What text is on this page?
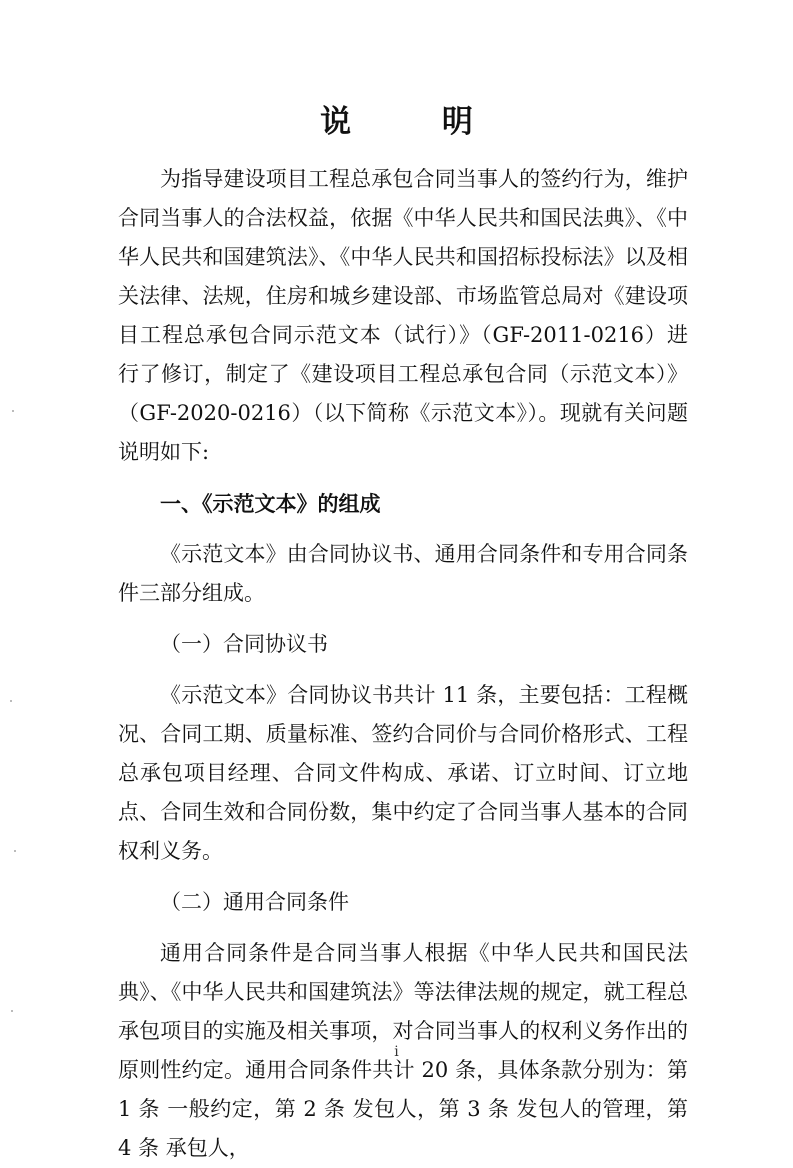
说 明

为指导建设项目工程总承包合同当事人的签约行为，维护合同当事人的合法权益，依据《中华人民共和国民法典》、《中华人民共和国建筑法》、《中华人民共和国招标投标法》以及相关法律、法规，住房和城乡建设部、市场监管总局对《建设项目工程总承包合同示范文本（试行）》（GF-2011-0216）进行了修订，制定了《建设项目工程总承包合同（示范文本）》（GF-2020-0216）（以下简称《示范文本》）。现就有关问题说明如下:

一、《示范文本》的组成

《示范文本》由合同协议书、通用合同条件和专用合同条件三部分组成。

（一）合同协议书

《示范文本》合同协议书共计 11 条，主要包括：工程概况、合同工期、质量标准、签约合同价与合同价格形式、工程总承包项目经理、合同文件构成、承诺、订立时间、订立地点、合同生效和合同份数，集中约定了合同当事人基本的合同权利义务。

（二）通用合同条件

通用合同条件是合同当事人根据《中华人民共和国民法典》、《中华人民共和国建筑法》等法律法规的规定，就工程总承包项目的实施及相关事项，对合同当事人的权利义务作出的原则性约定。通用合同条件共计 20 条，具体条款分别为：第 1 条 一般约定，第 2 条 发包人，第 3 条 发包人的管理，第 4 条 承包人，

i
